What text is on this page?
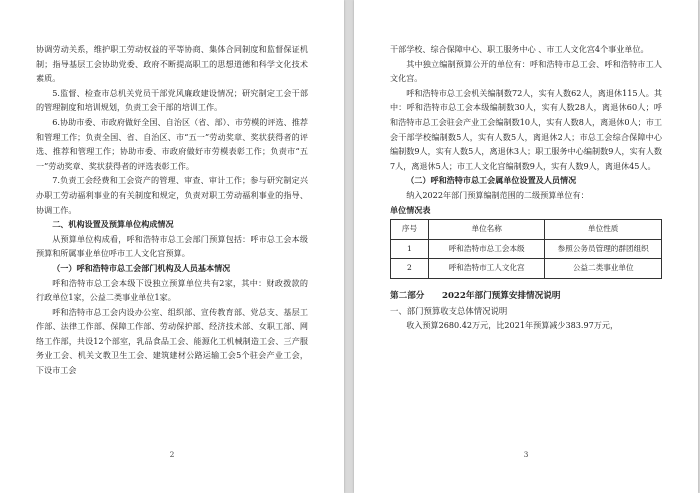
协调劳动关系，维护职工劳动权益的平等协商、集体合同制度和监督保证机制；指导基层工会协助党委、政府不断提高职工的思想道德和科学文化技术素质。

5.监督、检查市总机关党员干部党风廉政建设情况；研究制定工会干部的管理制度和培训规划，负责工会干部的培训工作。

6.协助市委、市政府做好全国、自治区（省、部）、市劳模的评选、推荐和管理工作；负责全国、省、自治区、市“五一”劳动奖章、奖状获得者的评选、推荐和管理工作；协助市委、市政府做好市劳模表彰工作；负责市“五一”劳动奖章、奖状获得者的评选表彰工作。

7.负责工会经费和工会资产的管理、审查、审计工作；参与研究制定兴办职工劳动福利事业的有关制度和规定，负责对职工劳动福利事业的指导、协调工作。

二、机构设置及预算单位构成情况

从预算单位构成看，呼和浩特市总工会部门预算包括：呼市总工会本级预算和所属事业单位呼市工人文化宫预算。

（一）呼和浩特市总工会部门机构及人员基本情况

呼和浩特市总工会本级下设独立预算单位共有2家，其中：财政拨款的行政单位1家，公益二类事业单位1家。

呼和浩特市总工会内设办公室、组织部、宣传教育部、党总支、基层工作部、法律工作部、保障工作部、劳动保护部、经济技术部、女职工部、网络工作部，共设12个部室，乳品食品工会、能源化工机械制造工会、三产服务业工会、机关文教卫生工会、建筑建材公路运输工会5个驻会产业工会，下设市工会

2

干部学校、综合保障中心、职工服务中心 、市工人文化宫4个事业单位。

其中独立编制预算公开的单位有：呼和浩特市总工会、呼和浩特市工人文化宫。

呼和浩特市总工会机关编制数72人，实有人数62人，离退休115人。其中：呼和浩特市总工会本级编制数30人，实有人数28人，离退休60人；呼和浩特市总工会驻会产业工会编制数10人，实有人数8人，离退休0人；市工会干部学校编制数5人，实有人数5人，离退休2人；市总工会综合保障中心编制数9人，实有人数5人，离退休3人；职工服务中心编制数9人，实有人数7人，离退休5人；市工人文化宫编制数9人，实有人数9人，离退休45人。

（二）呼和浩特市总工会属单位设置及人员情况

纳入2022年部门预算编制范围的二级预算单位有：

单位情况表

序号	单位名称	单位性质
1	呼和浩特市总工会本级	参照公务员管理的群团组织
2	呼和浩特市工人文化宫	公益二类事业单位

第二部分　 2022年部门预算安排情况说明

一、部门预算收支总体情况说明

收入预算2680.42万元，比2021年预算减少383.97万元，

3
